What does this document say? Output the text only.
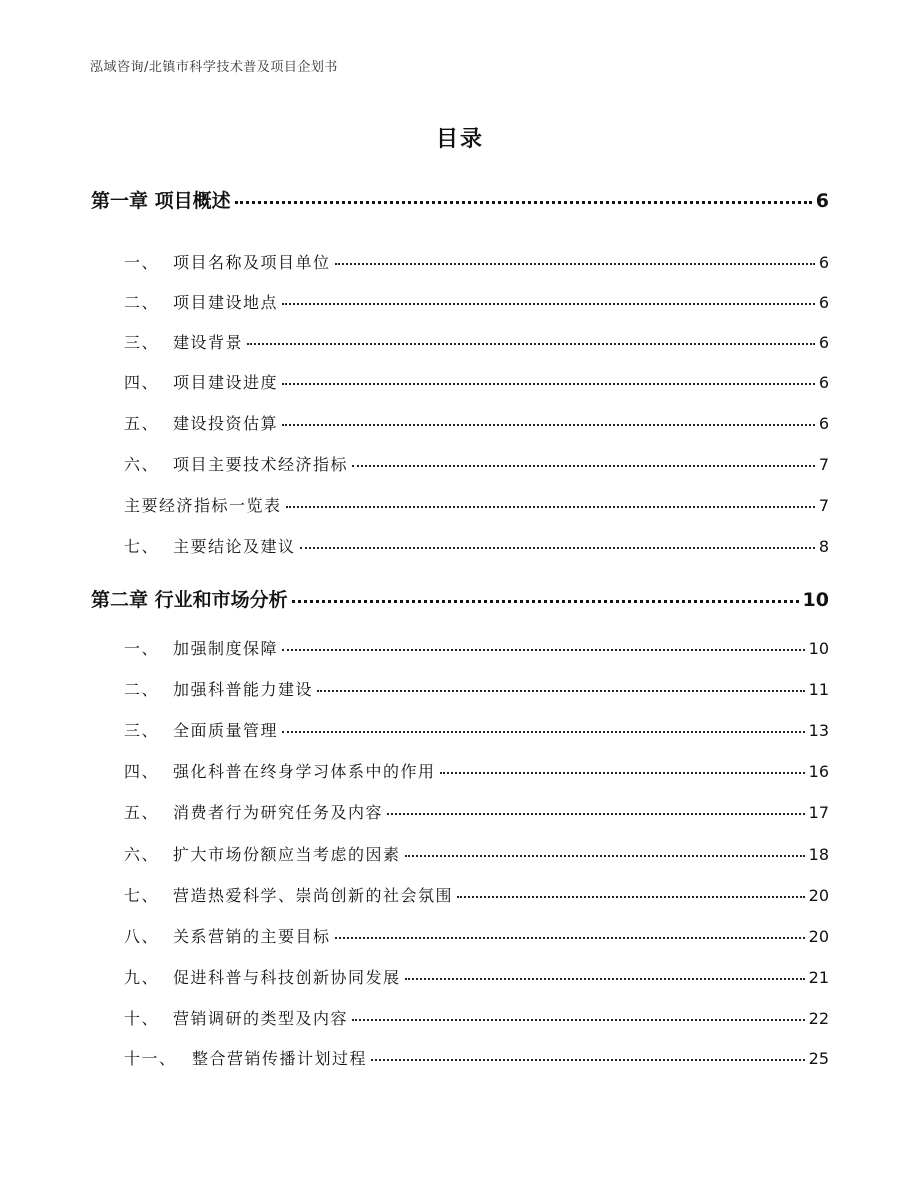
泓域咨询/北镇市科学技术普及项目企划书
目录
第一章 项目概述	6
一、 项目名称及项目单位	6
二、 项目建设地点	6
三、 建设背景	6
四、 项目建设进度	6
五、 建设投资估算	6
六、 项目主要技术经济指标	7
主要经济指标一览表	7
七、 主要结论及建议	8
第二章 行业和市场分析	10
一、 加强制度保障	10
二、 加强科普能力建设	11
三、 全面质量管理	13
四、 强化科普在终身学习体系中的作用	16
五、 消费者行为研究任务及内容	17
六、 扩大市场份额应当考虑的因素	18
七、 营造热爱科学、崇尚创新的社会氛围	20
八、 关系营销的主要目标	20
九、 促进科普与科技创新协同发展	21
十、 营销调研的类型及内容	22
十一、 整合营销传播计划过程	25
